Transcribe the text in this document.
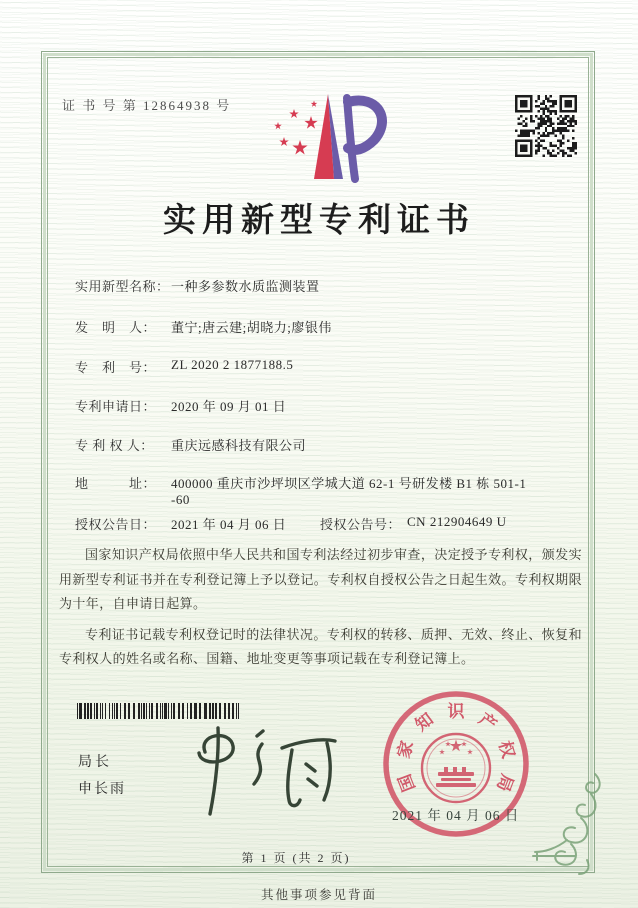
证 书 号 第 12864938 号
实用新型专利证书
实用新型名称：一种多参数水质监测装置
发　明　人： 董宁;唐云建;胡晓力;廖银伟
专　利　号： ZL 2020 2 1877188.5
专利申请日： 2020 年 09 月 01 日
专 利 权 人： 重庆远感科技有限公司
地　　　址： 400000 重庆市沙坪坝区学城大道 62-1 号研发楼 B1 栋 501-1
-60
授权公告日： 2021 年 04 月 06 日	授权公告号： CN 212904649 U

国家知识产权局依照中华人民共和国专利法经过初步审查，决定授予专利权，颁发实用新型专利证书并在专利登记簿上予以登记。专利权自授权公告之日起生效。专利权期限为十年，自申请日起算。

专利证书记载专利权登记时的法律状况。专利权的转移、质押、无效、终止、恢复和专利权人的姓名或名称、国籍、地址变更等事项记载在专利登记簿上。

局长
申长雨	国
家
知 识 产
权
局
2021 年 04 月 06 日
第 1 页 (共 2 页)
其他事项参见背面
